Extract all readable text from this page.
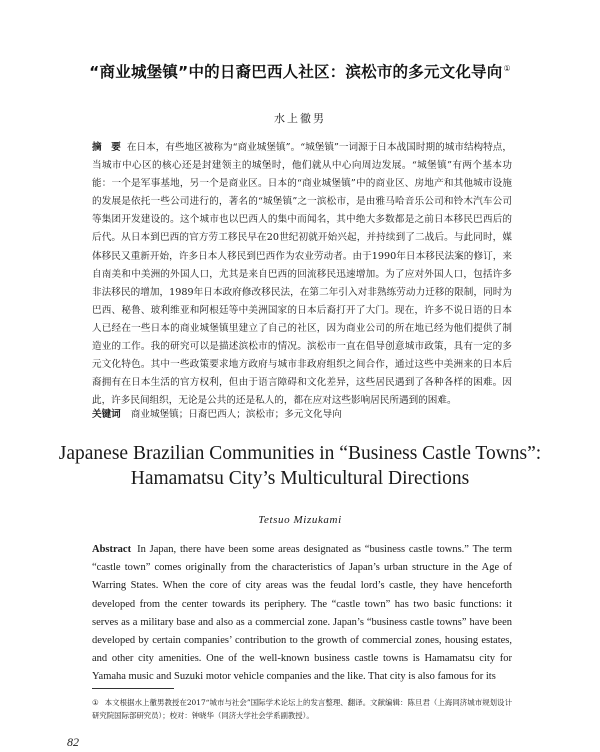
“商业城堡镇”中的日裔巴西人社区：滨松市的多元文化导向①
水上徹男
摘　要 在日本，有些地区被称为“商业城堡镇”。“城堡镇”一词源于日本战国时期的城市结构特点，当城市中心区的核心还是封建领主的城堡时，他们就从中心向周边发展。“城堡镇”有两个基本功能：一个是军事基地，另一个是商业区。日本的“商业城堡镇”中的商业区、房地产和其他城市设施的发展是依托一些公司进行的，著名的“城堡镇”之一滨松市，是由雅马哈音乐公司和铃木汽车公司等集团开发建设的。这个城市也以巴西人的集中而闻名，其中绝大多数都是之前日本移民巴西后的后代。从日本到巴西的官方劳工移民早在20世纪初就开始兴起，并持续到了二战后。与此同时，媒体移民又重新开始，许多日本人移民到巴西作为农业劳动者。由于1990年日本移民法案的修订，来自南美和中美洲的外国人口，尤其是来自巴西的回流移民迅速增加。为了应对外国人口，包括许多非法移民的增加，1989年日本政府修改移民法，在第二年引入对非熟练劳动力迁移的限制，同时为巴西、秘鲁、玻利维亚和阿根廷等中美洲国家的日本后裔打开了大门。现在，许多不说日语的日本人已经在一些日本的商业城堡镇里建立了自己的社区，因为商业公司的所在地已经为他们提供了制造业的工作。我的研究可以是描述滨松市的情况。滨松市一直在倡导创意城市政策，具有一定的多元文化特色。其中一些政策要求地方政府与城市非政府组织之间合作，通过这些中美洲来的日本后裔拥有在日本生活的官方权利，但由于语言障碍和文化差异，这些居民遇到了各种各样的困难。因此，许多民间组织，无论是公共的还是私人的，都在应对这些影响居民所遇到的困难。
关键词 商业城堡镇；日裔巴西人；滨松市；多元文化导向
Japanese Brazilian Communities in “Business Castle Towns”:
Hamamatsu City’s Multicultural Directions
Tetsuo Mizukami
Abstract In Japan, there have been some areas designated as “business castle towns.” The term “castle town” comes originally from the characteristics of Japan’s urban structure in the Age of Warring States. When the core of city areas was the feudal lord’s castle, they have henceforth developed from the center towards its periphery. The “castle town” has two basic functions: it serves as a military base and also as a commercial zone. Japan’s “business castle towns” have been developed by certain companies’ contribution to the growth of commercial zones, housing estates, and other city amenities. One of the well-known business castle towns is Hamamatsu city for Yamaha music and Suzuki motor vehicle companies and the like. That city is also famous for its
① 本文根据水上徹男教授在2017“城市与社会”国际学术论坛上的发言整理、翻译。文献编辑：陈旦君（上海同济城市规划设计研究院国际部研究员）；校对：钟晓华（同济大学社会学系副教授）。
82
